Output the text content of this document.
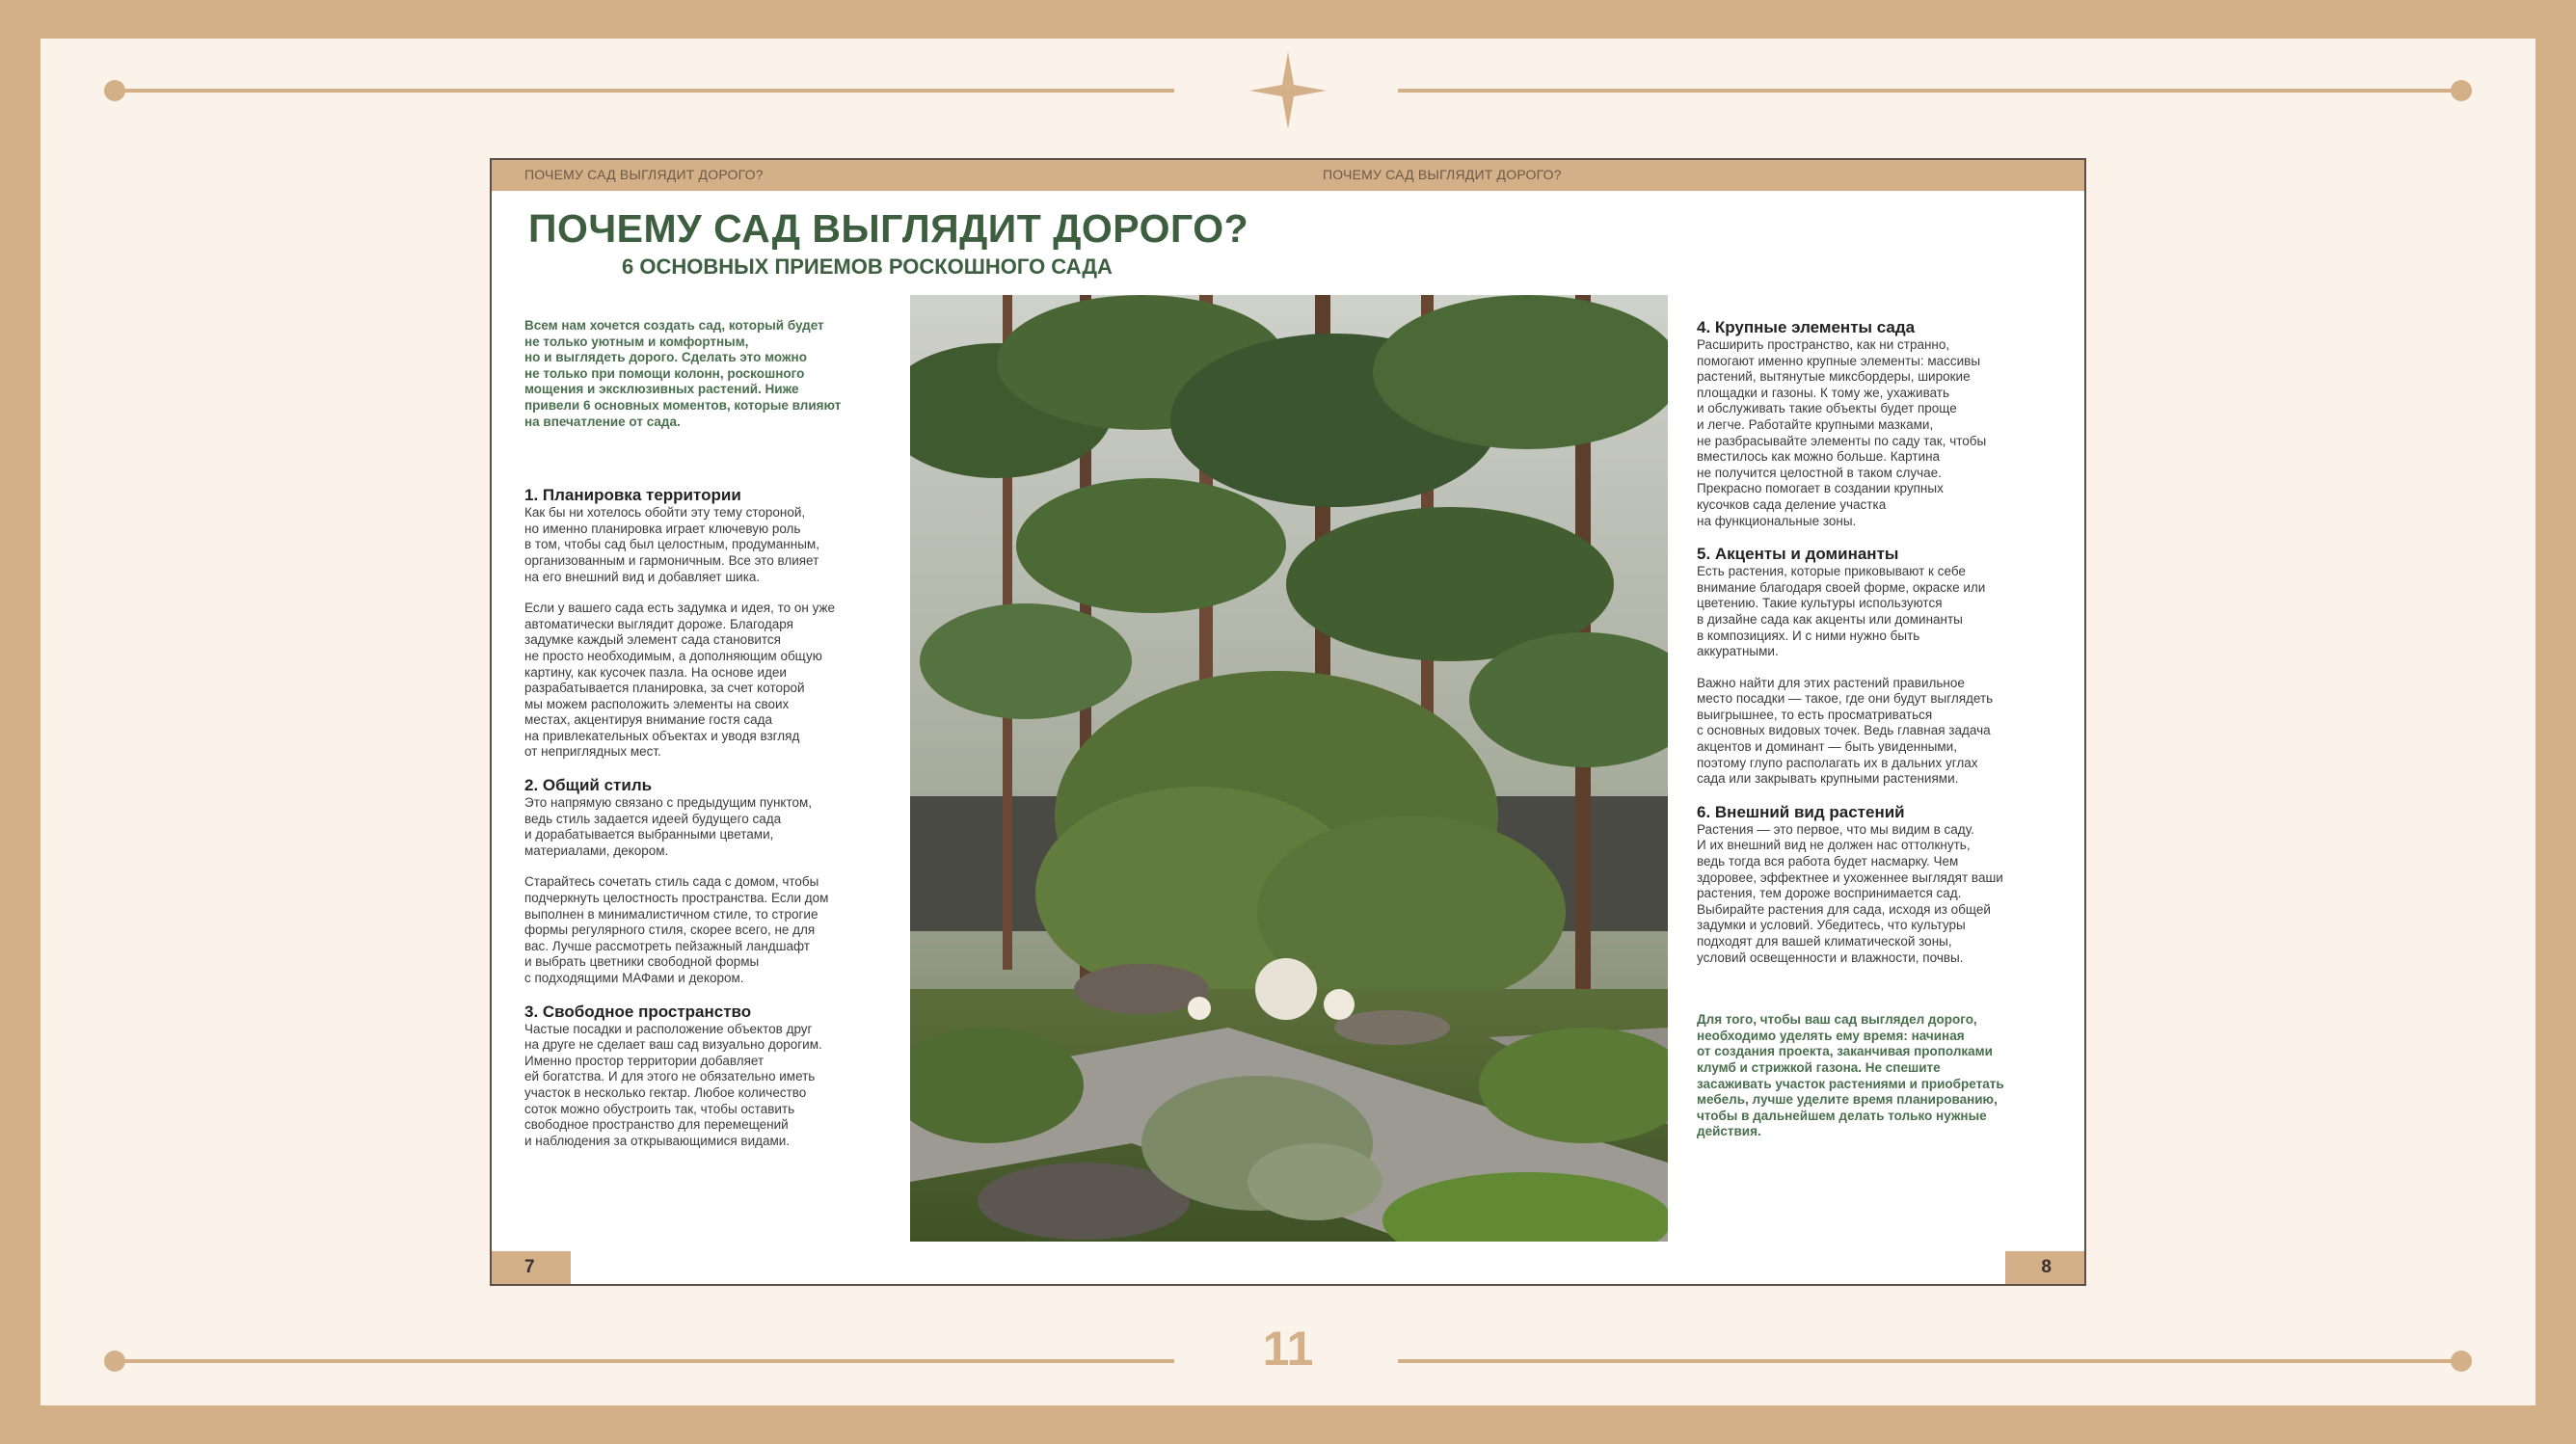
11
ПОЧЕМУ САД ВЫГЛЯДИТ ДОРОГО?	ПОЧЕМУ САД ВЫГЛЯДИТ ДОРОГО?
ПОЧЕМУ САД ВЫГЛЯДИТ ДОРОГО?
6 ОСНОВНЫХ ПРИЕМОВ РОСКОШНОГО САДА

Всем нам хочется создать сад, который будет
не только уютным и комфортным,
но и выглядеть дорого. Сделать это можно
не только при помощи колонн, роскошного
мощения и эксклюзивных растений. Ниже
привели 6 основных моментов, которые влияют
на впечатление от сада.

1. Планировка территории

Как бы ни хотелось обойти эту тему стороной,
но именно планировка играет ключевую роль
в том, чтобы сад был целостным, продуманным,
организованным и гармоничным. Все это влияет
на его внешний вид и добавляет шика.

Если у вашего сада есть задумка и идея, то он уже
автоматически выглядит дороже. Благодаря
задумке каждый элемент сада становится
не просто необходимым, а дополняющим общую
картину, как кусочек пазла. На основе идеи
разрабатывается планировка, за счет которой
мы можем расположить элементы на своих
местах, акцентируя внимание гостя сада
на привлекательных объектах и уводя взгляд
от неприглядных мест.

2. Общий стиль

Это напрямую связано с предыдущим пунктом,
ведь стиль задается идеей будущего сада
и дорабатывается выбранными цветами,
материалами, декором.

Старайтесь сочетать стиль сада с домом, чтобы
подчеркнуть целостность пространства. Если дом
выполнен в минималистичном стиле, то строгие
формы регулярного стиля, скорее всего, не для
вас. Лучше рассмотреть пейзажный ландшафт
и выбрать цветники свободной формы
с подходящими МАФами и декором.

3. Свободное пространство

Частые посадки и расположение объектов друг
на друге не сделает ваш сад визуально дорогим.
Именно простор территории добавляет
ей богатства. И для этого не обязательно иметь
участок в несколько гектар. Любое количество
соток можно обустроить так, чтобы оставить
свободное пространство для перемещений
и наблюдения за открывающимися видами.

4. Крупные элементы сада

Расширить пространство, как ни странно,
помогают именно крупные элементы: массивы
растений, вытянутые миксбордеры, широкие
площадки и газоны. К тому же, ухаживать
и обслуживать такие объекты будет проще
и легче. Работайте крупными мазками,
не разбрасывайте элементы по саду так, чтобы
вместилось как можно больше. Картина
не получится целостной в таком случае.
Прекрасно помогает в создании крупных
кусочков сада деление участка
на функциональные зоны.

5. Акценты и доминанты

Есть растения, которые приковывают к себе
внимание благодаря своей форме, окраске или
цветению. Такие культуры используются
в дизайне сада как акценты или доминанты
в композициях. И с ними нужно быть
аккуратными.

Важно найти для этих растений правильное
место посадки — такое, где они будут выглядеть
выигрышнее, то есть просматриваться
с основных видовых точек. Ведь главная задача
акцентов и доминант — быть увиденными,
поэтому глупо располагать их в дальних углах
сада или закрывать крупными растениями.

6. Внешний вид растений

Растения — это первое, что мы видим в саду.
И их внешний вид не должен нас оттолкнуть,
ведь тогда вся работа будет насмарку. Чем
здоровее, эффектнее и ухоженнее выглядят ваши
растения, тем дороже воспринимается сад.
Выбирайте растения для сада, исходя из общей
задумки и условий. Убедитесь, что культуры
подходят для вашей климатической зоны,
условий освещенности и влажности, почвы.

Для того, чтобы ваш сад выглядел дорого,
необходимо уделять ему время: начиная
от создания проекта, заканчивая прополками
клумб и стрижкой газона. Не спешите
засаживать участок растениями и приобретать
мебель, лучше уделите время планированию,
чтобы в дальнейшем делать только нужные
действия.

7	8
